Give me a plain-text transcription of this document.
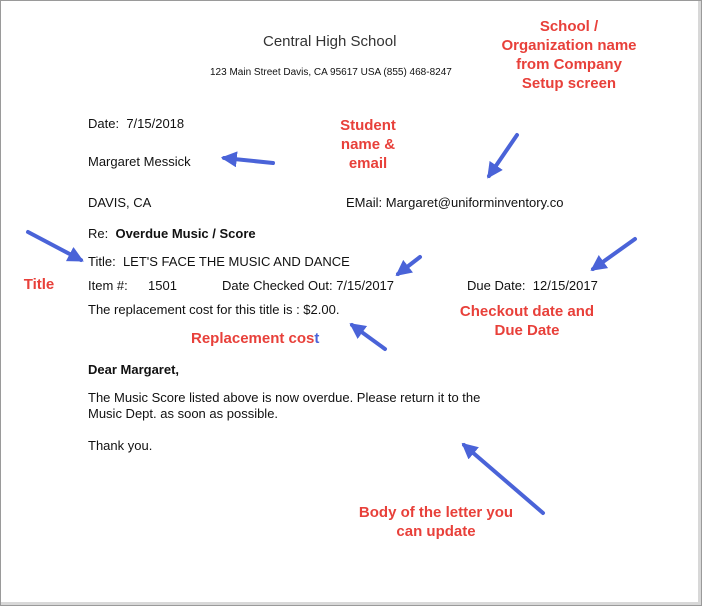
Central High School
123 Main Street Davis, CA 95617 USA (855) 468-8247
Date: 7/15/2018
Margaret Messick
DAVIS, CA	EMail: Margaret@uniforminventory.co
Re: Overdue Music / Score
Title: LET'S FACE THE MUSIC AND DANCE
Item #: 1501	Date Checked Out: 7/15/2017	Due Date: 12/15/2017
The replacement cost for this title is : $2.00.
Dear Margaret,
The Music Score listed above is now overdue. Please return it to the
Music Dept. as soon as possible.
Thank you.
School /
Organization name
from Company
Setup screen
Student
name &
email
Title
Checkout date and
Due Date
Replacement cost
Body of the letter you
can update
